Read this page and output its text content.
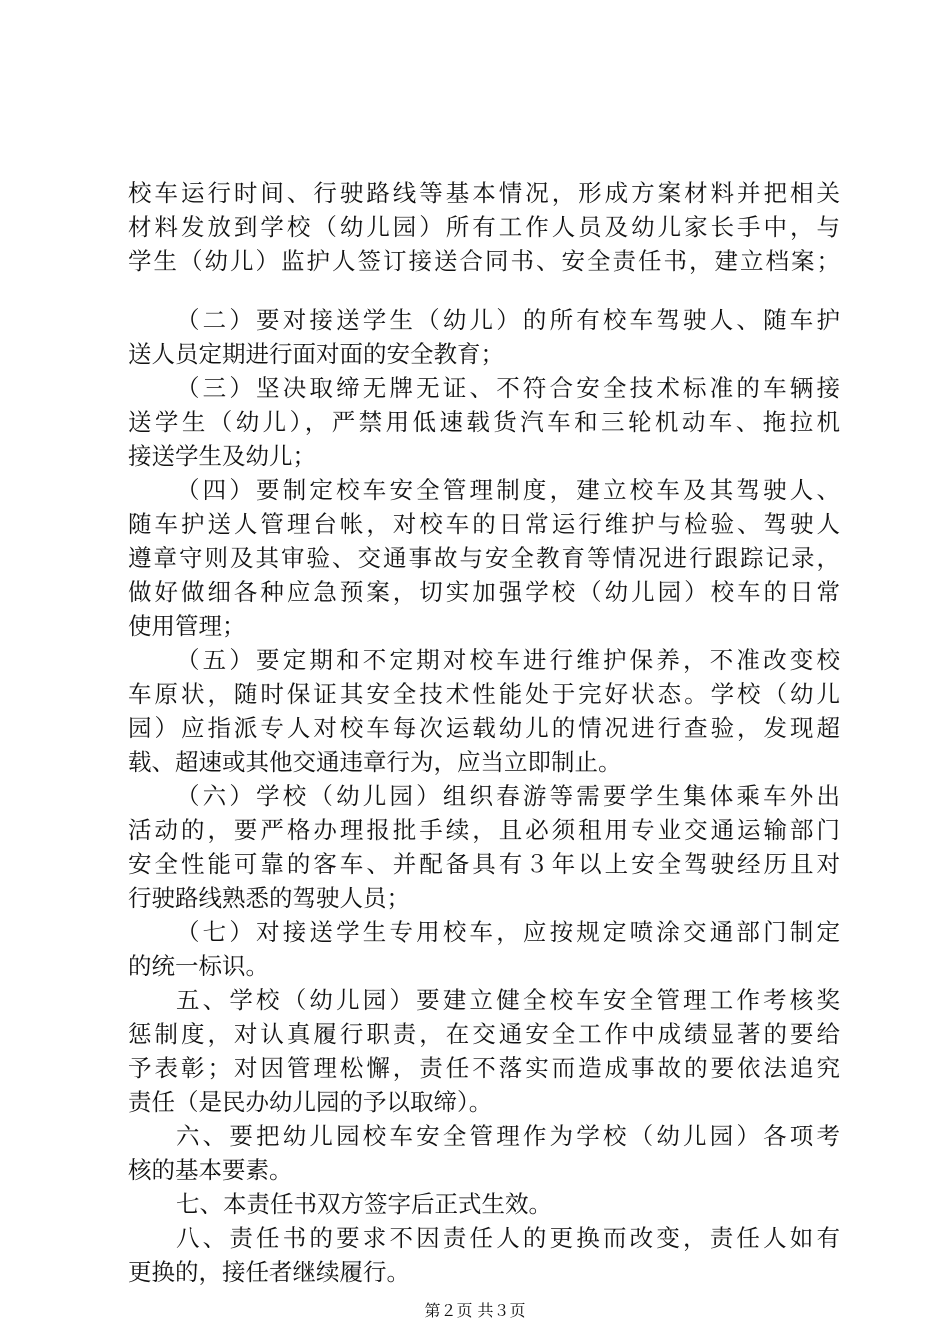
校车运行时间、行驶路线等基本情况，形成方案材料并把相关
材料发放到学校（幼儿园）所有工作人员及幼儿家长手中，与
学生（幼儿）监护人签订接送合同书、安全责任书，建立档案；
（二）要对接送学生（幼儿）的所有校车驾驶人、随车护
送人员定期进行面对面的安全教育；
（三）坚决取缔无牌无证、不符合安全技术标准的车辆接
送学生（幼儿），严禁用低速载货汽车和三轮机动车、拖拉机
接送学生及幼儿；
（四）要制定校车安全管理制度，建立校车及其驾驶人、
随车护送人管理台帐，对校车的日常运行维护与检验、驾驶人
遵章守则及其审验、交通事故与安全教育等情况进行跟踪记录，
做好做细各种应急预案，切实加强学校（幼儿园）校车的日常
使用管理；
（五）要定期和不定期对校车进行维护保养，不准改变校
车原状，随时保证其安全技术性能处于完好状态。学校（幼儿
园）应指派专人对校车每次运载幼儿的情况进行查验，发现超
载、超速或其他交通违章行为，应当立即制止。
（六）学校（幼儿园）组织春游等需要学生集体乘车外出
活动的，要严格办理报批手续，且必须租用专业交通运输部门
安全性能可靠的客车、并配备具有３年以上安全驾驶经历且对
行驶路线熟悉的驾驶人员；
（七）对接送学生专用校车，应按规定喷涂交通部门制定
的统一标识。
五、学校（幼儿园）要建立健全校车安全管理工作考核奖
惩制度，对认真履行职责，在交通安全工作中成绩显著的要给
予表彰；对因管理松懈，责任不落实而造成事故的要依法追究
责任（是民办幼儿园的予以取缔）。
六、要把幼儿园校车安全管理作为学校（幼儿园）各项考
核的基本要素。
七、本责任书双方签字后正式生效。
八、责任书的要求不因责任人的更换而改变，责任人如有
更换的，接任者继续履行。
第２页 共３页
